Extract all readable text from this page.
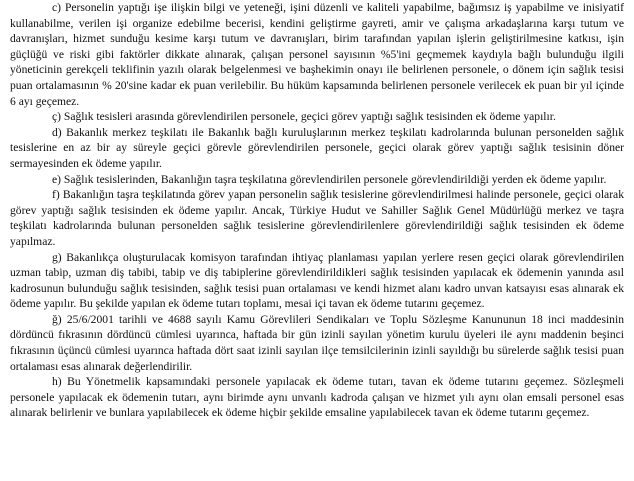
c) Personelin yaptığı işe ilişkin bilgi ve yeteneği, işini düzenli ve kaliteli yapabilme, bağımsız iş yapabilme ve inisiyatif kullanabilme, verilen işi organize edebilme becerisi, kendini geliştirme gayreti, amir ve çalışma arkadaşlarına karşı tutum ve davranışları, hizmet sunduğu kesime karşı tutum ve davranışları, birim tarafından yapılan işlerin geliştirilmesine katkısı, işin güçlüğü ve riski gibi faktörler dikkate alınarak, çalışan personel sayısının %5'ini geçmemek kaydıyla bağlı bulunduğu ilgili yöneticinin gerekçeli teklifinin yazılı olarak belgelenmesi ve başhekimin onayı ile belirlenen personele, o dönem için sağlık tesisi puan ortalamasının % 20'sine kadar ek puan verilebilir. Bu hüküm kapsamında belirlenen personele verilecek ek puan bir yıl içinde 6 ayı geçemez.

ç) Sağlık tesisleri arasında görevlendirilen personele, geçici görev yaptığı sağlık tesisinden ek ödeme yapılır.

d) Bakanlık merkez teşkilatı ile Bakanlık bağlı kuruluşlarının merkez teşkilatı kadrolarında bulunan personelden sağlık tesislerine en az bir ay süreyle geçici görevle görevlendirilen personele, geçici olarak görev yaptığı sağlık tesisinin döner sermayesinden ek ödeme yapılır.

e) Sağlık tesislerinden, Bakanlığın taşra teşkilatına görevlendirilen personele görevlendirildiği yerden ek ödeme yapılır.

f) Bakanlığın taşra teşkilatında görev yapan personelin sağlık tesislerine görevlendirilmesi halinde personele, geçici olarak görev yaptığı sağlık tesisinden ek ödeme yapılır. Ancak, Türkiye Hudut ve Sahiller Sağlık Genel Müdürlüğü merkez ve taşra teşkilatı kadrolarında bulunan personelden sağlık tesislerine görevlendirilenlere görevlendirildiği sağlık tesisinden ek ödeme yapılmaz.

g) Bakanlıkça oluşturulacak komisyon tarafından ihtiyaç planlaması yapılan yerlere resen geçici olarak görevlendirilen uzman tabip, uzman diş tabibi, tabip ve diş tabiplerine görevlendirildikleri sağlık tesisinden yapılacak ek ödemenin yanında asıl kadrosunun bulunduğu sağlık tesisinden, sağlık tesisi puan ortalaması ve kendi hizmet alanı kadro unvan katsayısı esas alınarak ek ödeme yapılır. Bu şekilde yapılan ek ödeme tutarı toplamı, mesai içi tavan ek ödeme tutarını geçemez.

ğ) 25/6/2001 tarihli ve 4688 sayılı Kamu Görevlileri Sendikaları ve Toplu Sözleşme Kanununun 18 inci maddesinin dördüncü fıkrasının dördüncü cümlesi uyarınca, haftada bir gün izinli sayılan yönetim kurulu üyeleri ile aynı maddenin beşinci fıkrasının üçüncü cümlesi uyarınca haftada dört saat izinli sayılan ilçe temsilcilerinin izinli sayıldığı bu sürelerde sağlık tesisi puan ortalaması esas alınarak değerlendirilir.

h) Bu Yönetmelik kapsamındaki personele yapılacak ek ödeme tutarı, tavan ek ödeme tutarını geçemez. Sözleşmeli personele yapılacak ek ödemenin tutarı, aynı birimde aynı unvanlı kadroda çalışan ve hizmet yılı aynı olan emsali personel esas alınarak belirlenir ve bunlara yapılabilecek ek ödeme hiçbir şekilde emsaline yapılabilecek tavan ek ödeme tutarını geçemez.
